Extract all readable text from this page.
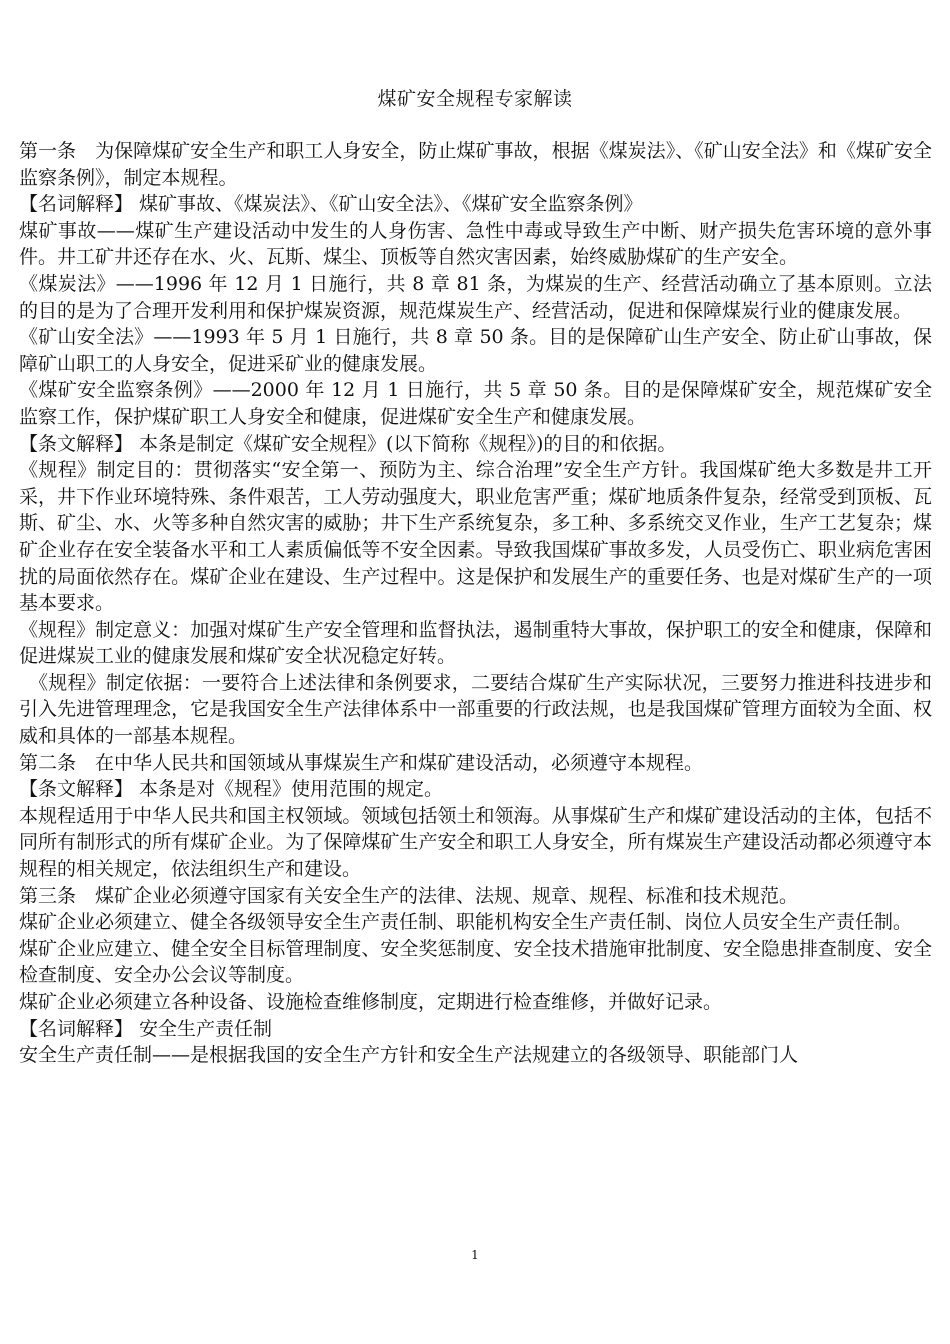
煤矿安全规程专家解读

第一条　为保障煤矿安全生产和职工人身安全，防止煤矿事故，根据《煤炭法》、《矿山安全法》和《煤矿安全监察条例》，制定本规程。

【名词解释】 煤矿事故、《煤炭法》、《矿山安全法》、《煤矿安全监察条例》

煤矿事故——煤矿生产建设活动中发生的人身伤害、急性中毒或导致生产中断、财产损失危害环境的意外事件。井工矿井还存在水、火、瓦斯、煤尘、顶板等自然灾害因素，始终威胁煤矿的生产安全。

《煤炭法》——1996 年 12 月 1 日施行，共 8 章 81 条，为煤炭的生产、经营活动确立了基本原则。立法的目的是为了合理开发利用和保护煤炭资源，规范煤炭生产、经营活动，促进和保障煤炭行业的健康发展。

《矿山安全法》——1993 年 5 月 1 日施行，共 8 章 50 条。目的是保障矿山生产安全、防止矿山事故，保障矿山职工的人身安全，促进采矿业的健康发展。

《煤矿安全监察条例》——2000 年 12 月 1 日施行，共 5 章 50 条。目的是保障煤矿安全，规范煤矿安全监察工作，保护煤矿职工人身安全和健康，促进煤矿安全生产和健康发展。

【条文解释】 本条是制定《煤矿安全规程》(以下简称《规程》)的目的和依据。

《规程》制定目的：贯彻落实“安全第一、预防为主、综合治理”安全生产方针。我国煤矿绝大多数是井工开采，井下作业环境特殊、条件艰苦，工人劳动强度大，职业危害严重；煤矿地质条件复杂，经常受到顶板、瓦斯、矿尘、水、火等多种自然灾害的威胁；井下生产系统复杂，多工种、多系统交叉作业，生产工艺复杂；煤矿企业存在安全装备水平和工人素质偏低等不安全因素。导致我国煤矿事故多发，人员受伤亡、职业病危害困扰的局面依然存在。煤矿企业在建设、生产过程中。这是保护和发展生产的重要任务、也是对煤矿生产的一项基本要求。

《规程》制定意义：加强对煤矿生产安全管理和监督执法，遏制重特大事故，保护职工的安全和健康，保障和促进煤炭工业的健康发展和煤矿安全状况稳定好转。

《规程》制定依据：一要符合上述法律和条例要求，二要结合煤矿生产实际状况，三要努力推进科技进步和引入先进管理理念，它是我国安全生产法律体系中一部重要的行政法规，也是我国煤矿管理方面较为全面、权威和具体的一部基本规程。

第二条　在中华人民共和国领域从事煤炭生产和煤矿建设活动，必须遵守本规程。

【条文解释】 本条是对《规程》使用范围的规定。

本规程适用于中华人民共和国主权领域。领域包括领土和领海。从事煤矿生产和煤矿建设活动的主体，包括不同所有制形式的所有煤矿企业。为了保障煤矿生产安全和职工人身安全，所有煤炭生产建设活动都必须遵守本规程的相关规定，依法组织生产和建设。

第三条　煤矿企业必须遵守国家有关安全生产的法律、法规、规章、规程、标准和技术规范。

煤矿企业必须建立、健全各级领导安全生产责任制、职能机构安全生产责任制、岗位人员安全生产责任制。

煤矿企业应建立、健全安全目标管理制度、安全奖惩制度、安全技术措施审批制度、安全隐患排查制度、安全检查制度、安全办公会议等制度。

煤矿企业必须建立各种设备、设施检查维修制度，定期进行检查维修，并做好记录。

【名词解释】 安全生产责任制

安全生产责任制——是根据我国的安全生产方针和安全生产法规建立的各级领导、职能部门人

1
